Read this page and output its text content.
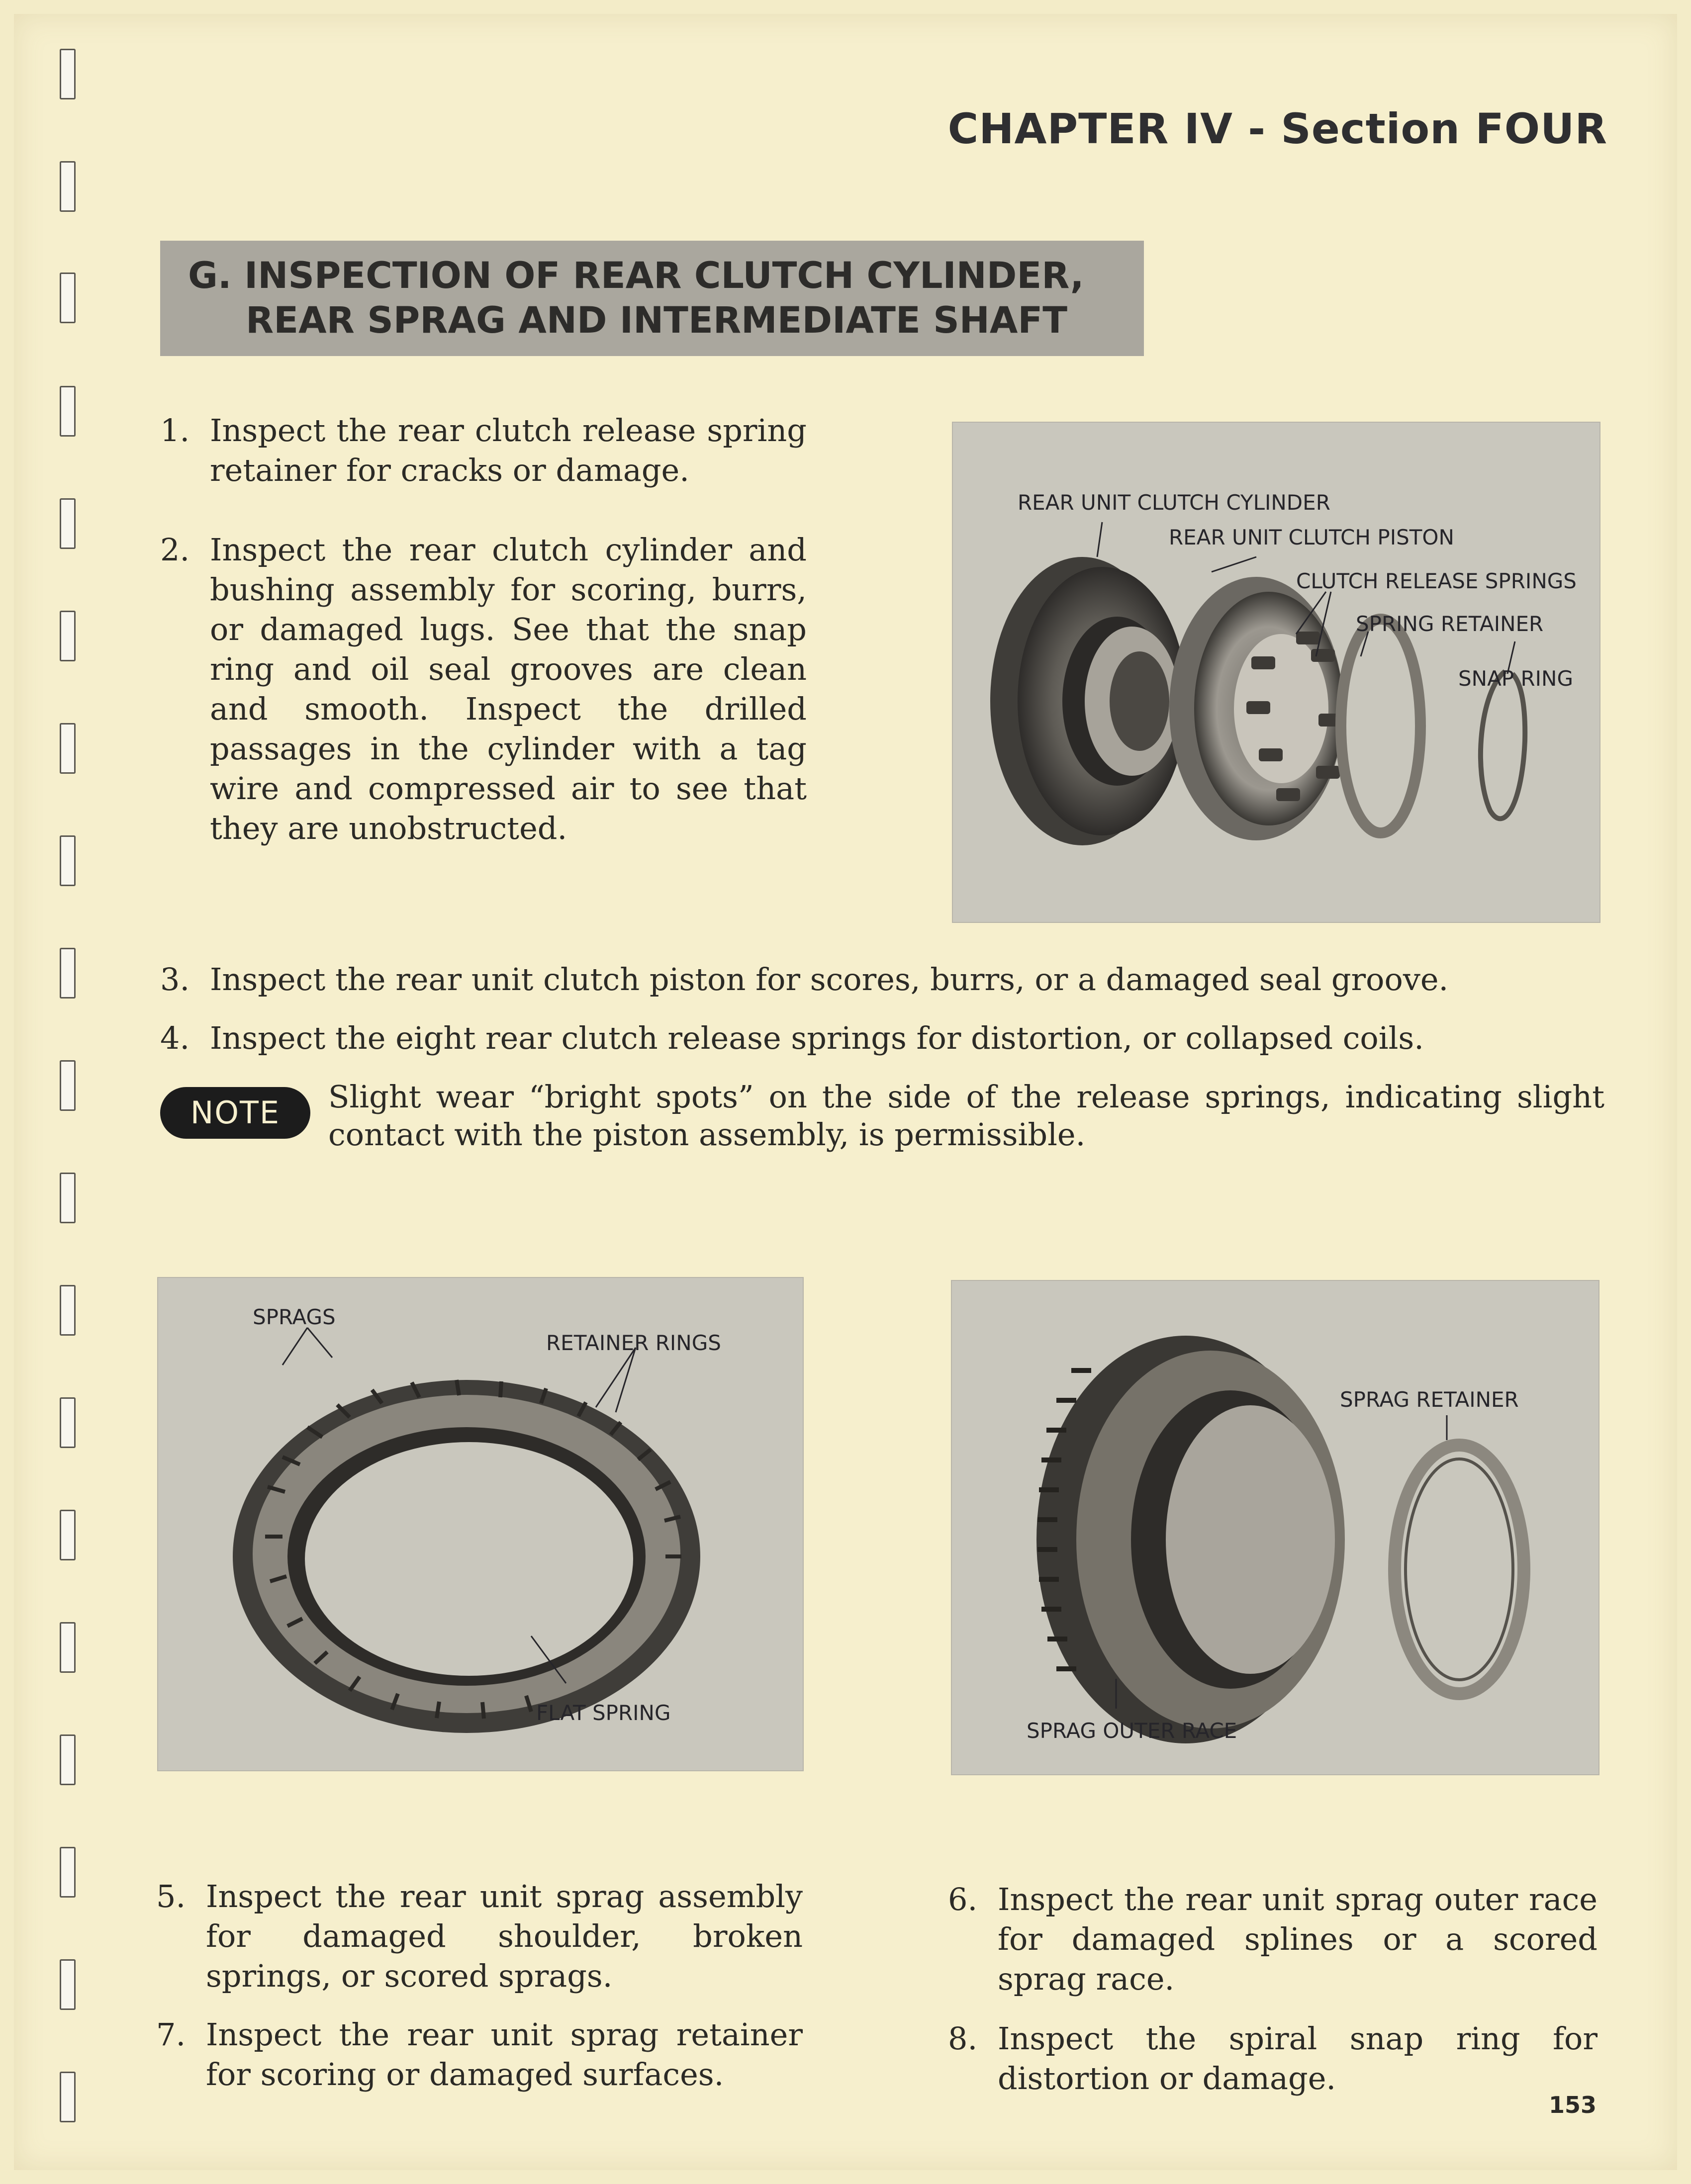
CHAPTER IV - Section FOUR
G. INSPECTION OF REAR CLUTCH CYLINDER,
REAR SPRAG AND INTERMEDIATE SHAFT
1. Inspect the rear clutch release spring retainer for cracks or damage.
2. Inspect the rear clutch cylinder and bushing assembly for scoring, burrs, or damaged lugs. See that the snap ring and oil seal grooves are clean and smooth. Inspect the drilled passages in the cylinder with a tag wire and compressed air to see that they are unobstructed.
REAR UNIT CLUTCH CYLINDER
REAR UNIT CLUTCH PISTON
CLUTCH RELEASE SPRINGS
SPRING RETAINER
SNAP RING
3. Inspect the rear unit clutch piston for scores, burrs, or a damaged seal groove.
4. Inspect the eight rear clutch release springs for distortion, or collapsed coils.
NOTE	Slight wear “bright spots” on the side of the release springs, indicating slight contact with the piston assembly, is permissible.
SPRAGS
RETAINER RINGS
FLAT SPRING
SPRAG RETAINER
SPRAG OUTER RACE
5. Inspect the rear unit sprag assembly for damaged shoulder, broken springs, or scored sprags.
6. Inspect the rear unit sprag outer race for damaged splines or a scored sprag race.
7. Inspect the rear unit sprag retainer for scoring or damaged surfaces.
8. Inspect the spiral snap ring for distortion or damage.
153
